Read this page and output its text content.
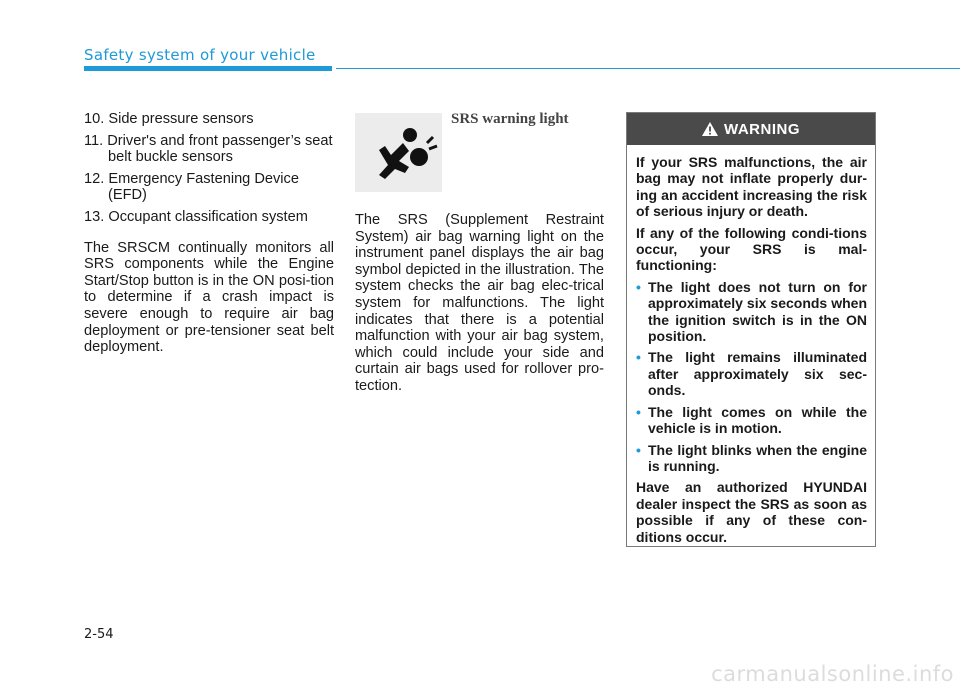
Safety system of your vehicle
10. Side pressure sensors
11. Driver's and front passenger’s seat belt buckle sensors
12. Emergency Fastening Device (EFD)
13. Occupant classification system
The SRSCM continually monitors all SRS components while the Engine Start/Stop button is in the ON posi-tion to determine if a crash impact is severe enough to require air bag deployment or pre-tensioner seat belt deployment.
SRS warning light
The SRS (Supplement Restraint System) air bag warning light on the instrument panel displays the air bag symbol depicted in the illustration. The system checks the air bag elec-trical system for malfunctions. The light indicates that there is a potential malfunction with your air bag system, which could include your side and curtain air bags used for rollover pro-tection.
WARNING

If your SRS malfunctions, the air bag may not inflate properly dur-ing an accident increasing the risk of serious injury or death.

If any of the following condi-tions occur, your SRS is mal-functioning:

• The light does not turn on for approximately six seconds when the ignition switch is in the ON position.
• The light remains illuminated after approximately six sec-onds.
• The light comes on while the vehicle is in motion.
• The light blinks when the engine is running.

Have an authorized HYUNDAI dealer inspect the SRS as soon as possible if any of these con-ditions occur.

2-54
carmanualsonline.info
